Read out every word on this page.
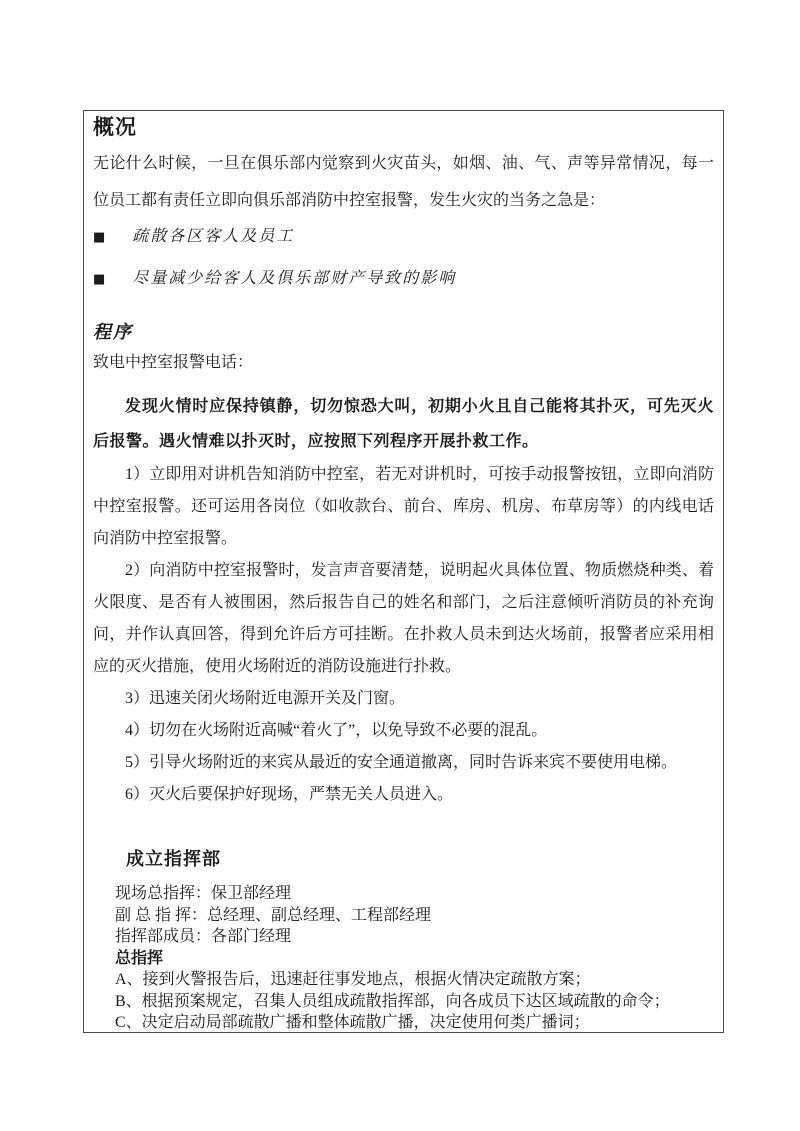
概况

无论什么时候，一旦在俱乐部内觉察到火灾苗头，如烟、油、气、声等异常情况，每一位员工都有责任立即向俱乐部消防中控室报警，发生火灾的当务之急是：

■ 疏散各区客人及员工
■ 尽量减少给客人及俱乐部财产导致的影响
程序

致电中控室报警电话：

发现火情时应保持镇静，切勿惊恐大叫，初期小火且自己能将其扑灭，可先灭火后报警。遇火情难以扑灭时，应按照下列程序开展扑救工作。

1）立即用对讲机告知消防中控室，若无对讲机时，可按手动报警按钮，立即向消防中控室报警。还可运用各岗位（如收款台、前台、库房、机房、布草房等）的内线电话向消防中控室报警。

2）向消防中控室报警时，发言声音要清楚，说明起火具体位置、物质燃烧种类、着火限度、是否有人被围困，然后报告自己的姓名和部门，之后注意倾听消防员的补充询问，并作认真回答，得到允许后方可挂断。在扑救人员未到达火场前，报警者应采用相应的灭火措施，使用火场附近的消防设施进行扑救。

3）迅速关闭火场附近电源开关及门窗。

4）切勿在火场附近高喊“着火了”，以免导致不必要的混乱。

5）引导火场附近的来宾从最近的安全通道撤离，同时告诉来宾不要使用电梯。

6）灭火后要保护好现场，严禁无关人员进入。

成立指挥部

现场总指挥：保卫部经理

副 总 指 挥：总经理、副总经理、工程部经理

指挥部成员：各部门经理

总指挥

A、接到火警报告后，迅速赶往事发地点，根据火情决定疏散方案；

B、根据预案规定，召集人员组成疏散指挥部，向各成员下达区域疏散的命令；

C、决定启动局部疏散广播和整体疏散广播，决定使用何类广播词；
